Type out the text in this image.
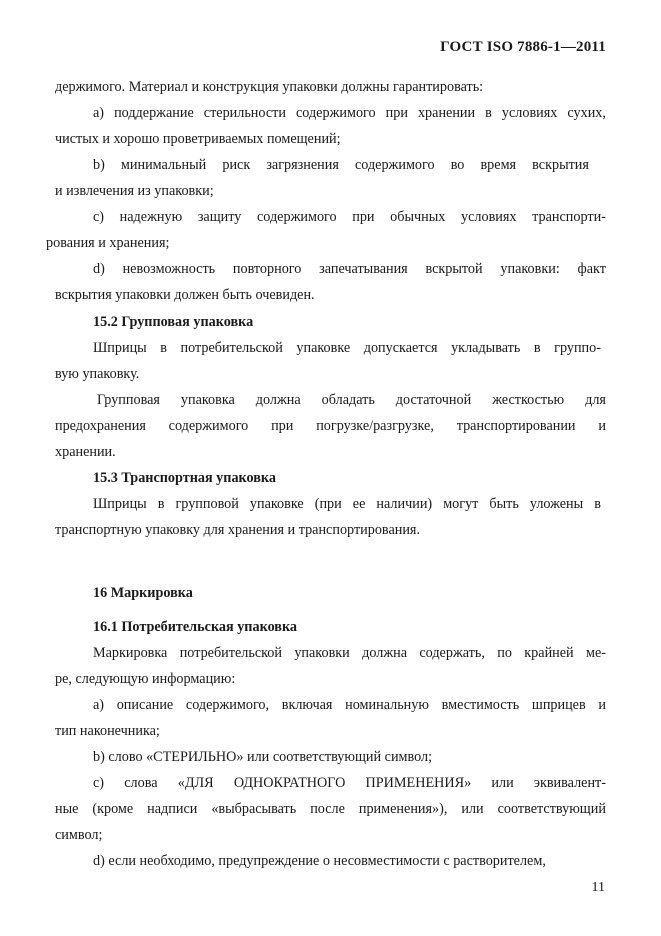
ГОСТ ISO 7886-1—2011
держимого. Материал и конструкция упаковки должны гарантировать:
а) поддержание стерильности содержимого при хранении в условиях сухих,
чистых и хорошо проветриваемых помещений;
b) минимальный риск загрязнения содержимого во время вскрытия
и извлечения из упаковки;
с) надежную защиту содержимого при обычных условиях транспорти-
рования и хранения;
d) невозможность повторного запечатывания вскрытой упаковки: факт
вскрытия упаковки должен быть очевиден.
15.2 Групповая упаковка
Шприцы в потребительской упаковке допускается укладывать в группо-
вую упаковку.
Групповая упаковка должна обладать достаточной жесткостью для
предохранения содержимого при погрузке/разгрузке, транспортировании и
хранении.
15.3 Транспортная упаковка
Шприцы в групповой упаковке (при ее наличии) могут быть уложены в
транспортную упаковку для хранения и транспортирования.
16 Маркировка
16.1 Потребительская упаковка
Маркировка потребительской упаковки должна содержать, по крайней ме-
ре, следующую информацию:
а) описание содержимого, включая номинальную вместимость шприцев и
тип наконечника;
b) слово «СТЕРИЛЬНО» или соответствующий символ;
с) слова «ДЛЯ ОДНОКРАТНОГО ПРИМЕНЕНИЯ» или эквивалент-
ные (кроме надписи «выбрасывать после применения»), или соответствующий
символ;
d) если необходимо, предупреждение о несовместимости с растворителем,
11
